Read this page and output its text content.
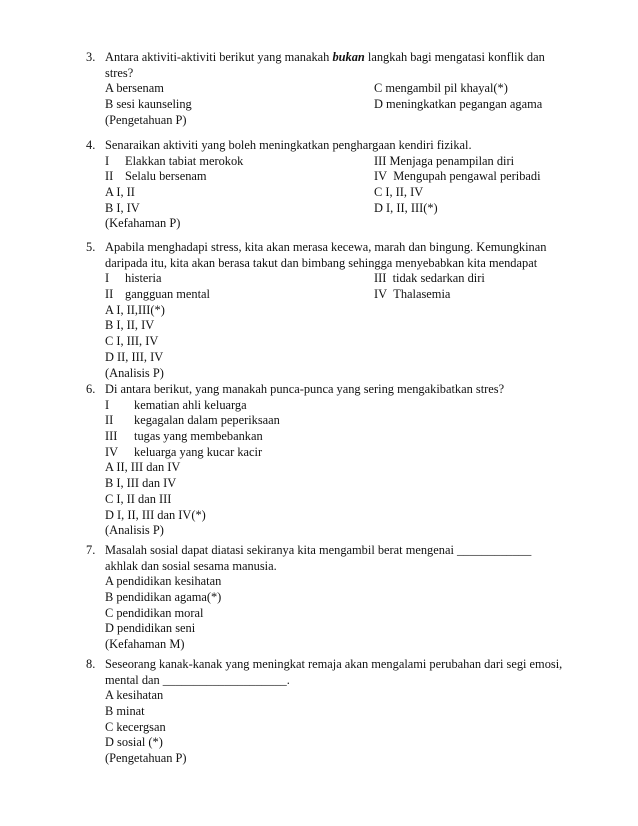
3. Antara aktiviti-aktiviti berikut yang manakah bukan langkah bagi mengatasi konflik dan
stres?
A bersenam	C mengambil pil khayal(*)
B sesi kaunseling	D meningkatkan pegangan agama
(Pengetahuan P)
4. Senaraikan aktiviti yang boleh meningkatkan penghargaan kendiri fizikal.
I Elakkan tabiat merokok	III Menjaga penampilan diri
II Selalu bersenam	IV Mengupah pengawal peribadi
A I, II	C I, II, IV
B I, IV	D I, II, III(*)
(Kefahaman P)
5. Apabila menghadapi stress, kita akan merasa kecewa, marah dan bingung. Kemungkinan
daripada itu, kita akan berasa takut dan bimbang sehingga menyebabkan kita mendapat
I histeria	III tidak sedarkan diri
II gangguan mental	IV Thalasemia
A I, II,III(*)
B I, II, IV
C I, III, IV
D II, III, IV
(Analisis P)
6. Di antara berikut, yang manakah punca-punca yang sering mengakibatkan stres?
I kematian ahli keluarga
II kegagalan dalam peperiksaan
III tugas yang membebankan
IV keluarga yang kucar kacir
A II, III dan IV
B I, III dan IV
C I, II dan III
D I, II, III dan IV(*)
(Analisis P)
7. Masalah sosial dapat diatasi sekiranya kita mengambil berat mengenai ____________
akhlak dan sosial sesama manusia.
A pendidikan kesihatan
B pendidikan agama(*)
C pendidikan moral
D pendidikan seni
(Kefahaman M)
8. Seseorang kanak-kanak yang meningkat remaja akan mengalami perubahan dari segi emosi,
mental dan ____________________.
A kesihatan
B minat
C kecergsan
D sosial (*)
(Pengetahuan P)
